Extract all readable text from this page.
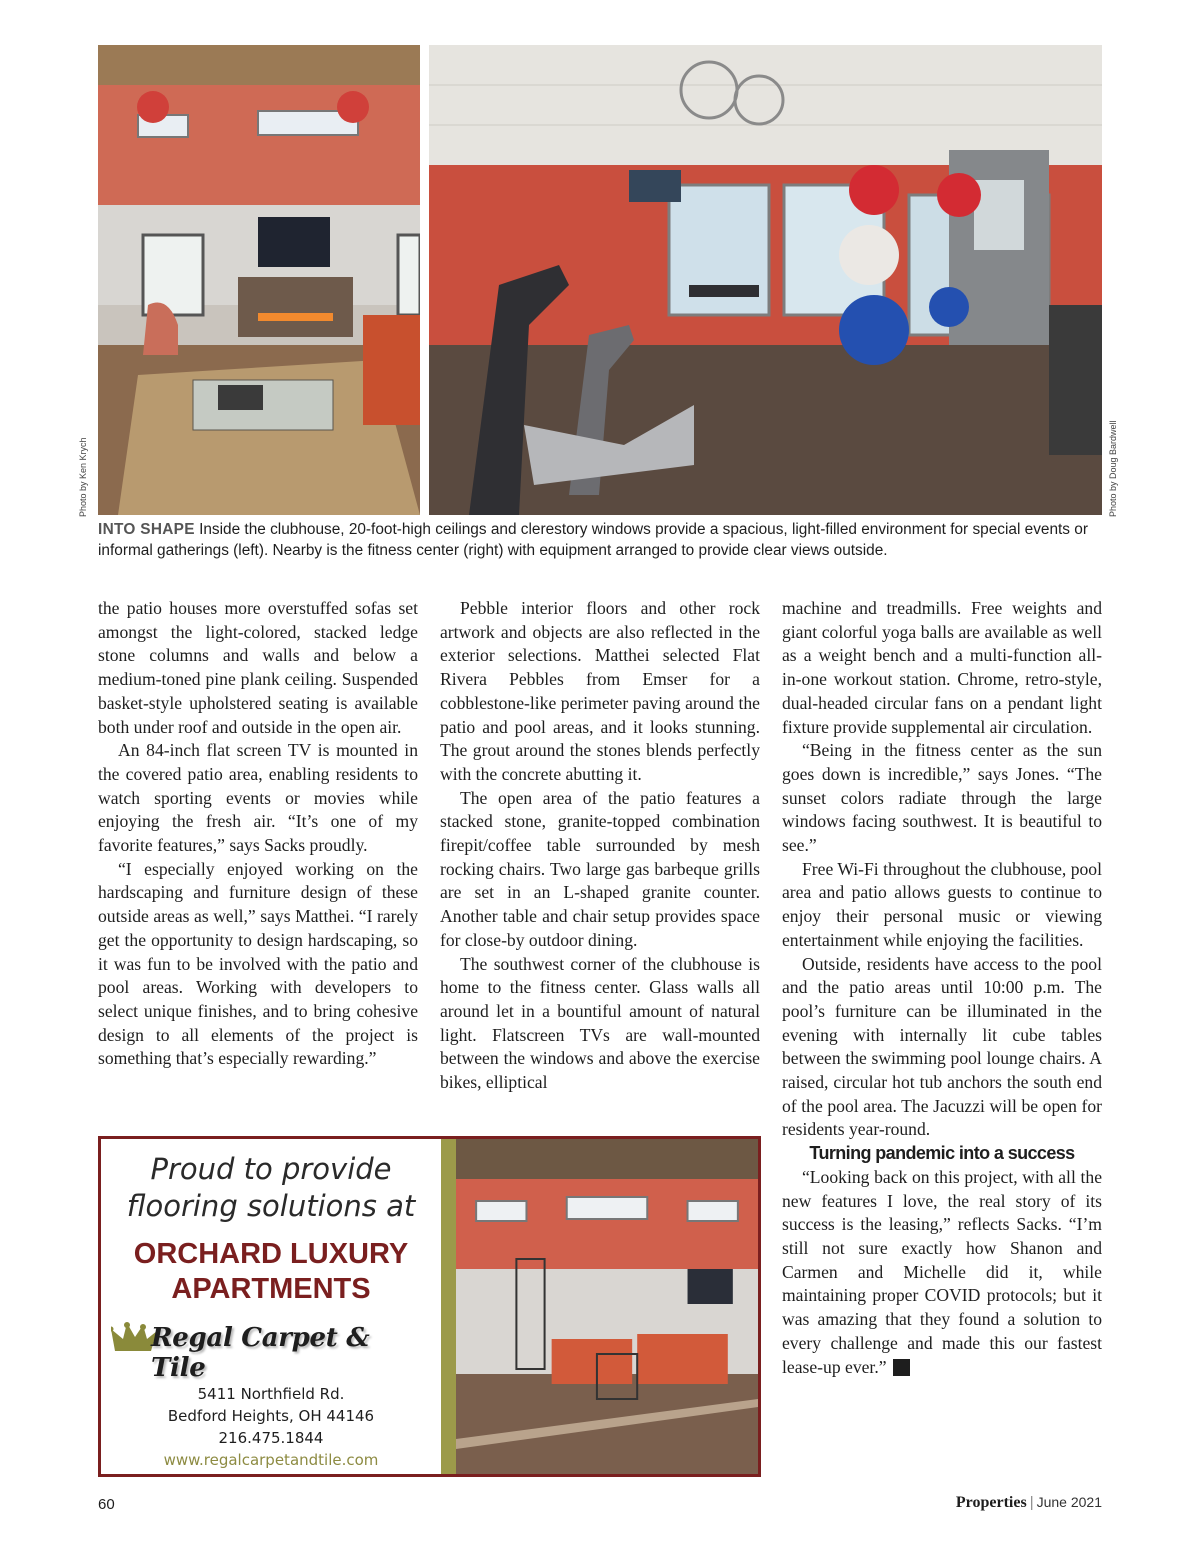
Photo by Ken Krych	Photo by Doug Bardwell
INTO SHAPE Inside the clubhouse, 20-foot-high ceilings and clerestory windows provide a spacious, light-filled environment for special events or informal gatherings (left). Nearby is the fitness center (right) with equipment arranged to provide clear views outside.

the patio houses more overstuffed sofas set amongst the light-colored, stacked ledge stone columns and walls and below a medium-toned pine plank ceiling. Suspended basket-style upholstered seating is available both under roof and outside in the open air.

An 84-inch flat screen TV is mounted in the covered patio area, enabling residents to watch sporting events or movies while enjoying the fresh air. “It’s one of my favorite features,” says Sacks proudly.

“I especially enjoyed working on the hardscaping and furniture design of these outside areas as well,” says Matthei. “I rarely get the opportunity to design hardscaping, so it was fun to be involved with the patio and pool areas. Working with developers to select unique finishes, and to bring cohesive design to all elements of the project is something that’s especially rewarding.”

Pebble interior floors and other rock artwork and objects are also reflected in the exterior selections. Matthei selected Flat Rivera Pebbles from Emser for a cobblestone-like perimeter paving around the patio and pool areas, and it looks stunning. The grout around the stones blends perfectly with the concrete abutting it.

The open area of the patio features a stacked stone, granite-topped combination firepit/coffee table surrounded by mesh rocking chairs. Two large gas barbeque grills are set in an L-shaped granite counter. Another table and chair setup provides space for close-by outdoor dining.

The southwest corner of the clubhouse is home to the fitness center. Glass walls all around let in a bountiful amount of natural light. Flatscreen TVs are wall-mounted between the windows and above the exercise bikes, elliptical

machine and treadmills. Free weights and giant colorful yoga balls are available as well as a weight bench and a multi-function all-in-one workout station. Chrome, retro-style, dual-headed circular fans on a pendant light fixture provide supplemental air circulation.

“Being in the fitness center as the sun goes down is incredible,” says Jones. “The sunset colors radiate through the large windows facing southwest. It is beautiful to see.”

Free Wi-Fi throughout the clubhouse, pool area and patio allows guests to continue to enjoy their personal music or viewing entertainment while enjoying the facilities.

Outside, residents have access to the pool and the patio areas until 10:00 p.m. The pool’s furniture can be illuminated in the evening with internally lit cube tables between the swimming pool lounge chairs. A raised, circular hot tub anchors the south end of the pool area. The Jacuzzi will be open for residents year-round.

Turning pandemic into a success

“Looking back on this project, with all the new features I love, the real story of its success is the leasing,” reflects Sacks. “I’m still not sure exactly how Shanon and Carmen and Michelle did it, while maintaining proper COVID protocols; but it was amazing that they found a solution to every challenge and made this our fastest lease-up ever.” P

Proud to provide
flooring solutions at
ORCHARD LUXURY
APARTMENTS
Regal Carpet & Tile
5411 Northfield Rd.
Bedford Heights, OH 44146
216.475.1844
www.regalcarpetandtile.com
60	Properties | June 2021
